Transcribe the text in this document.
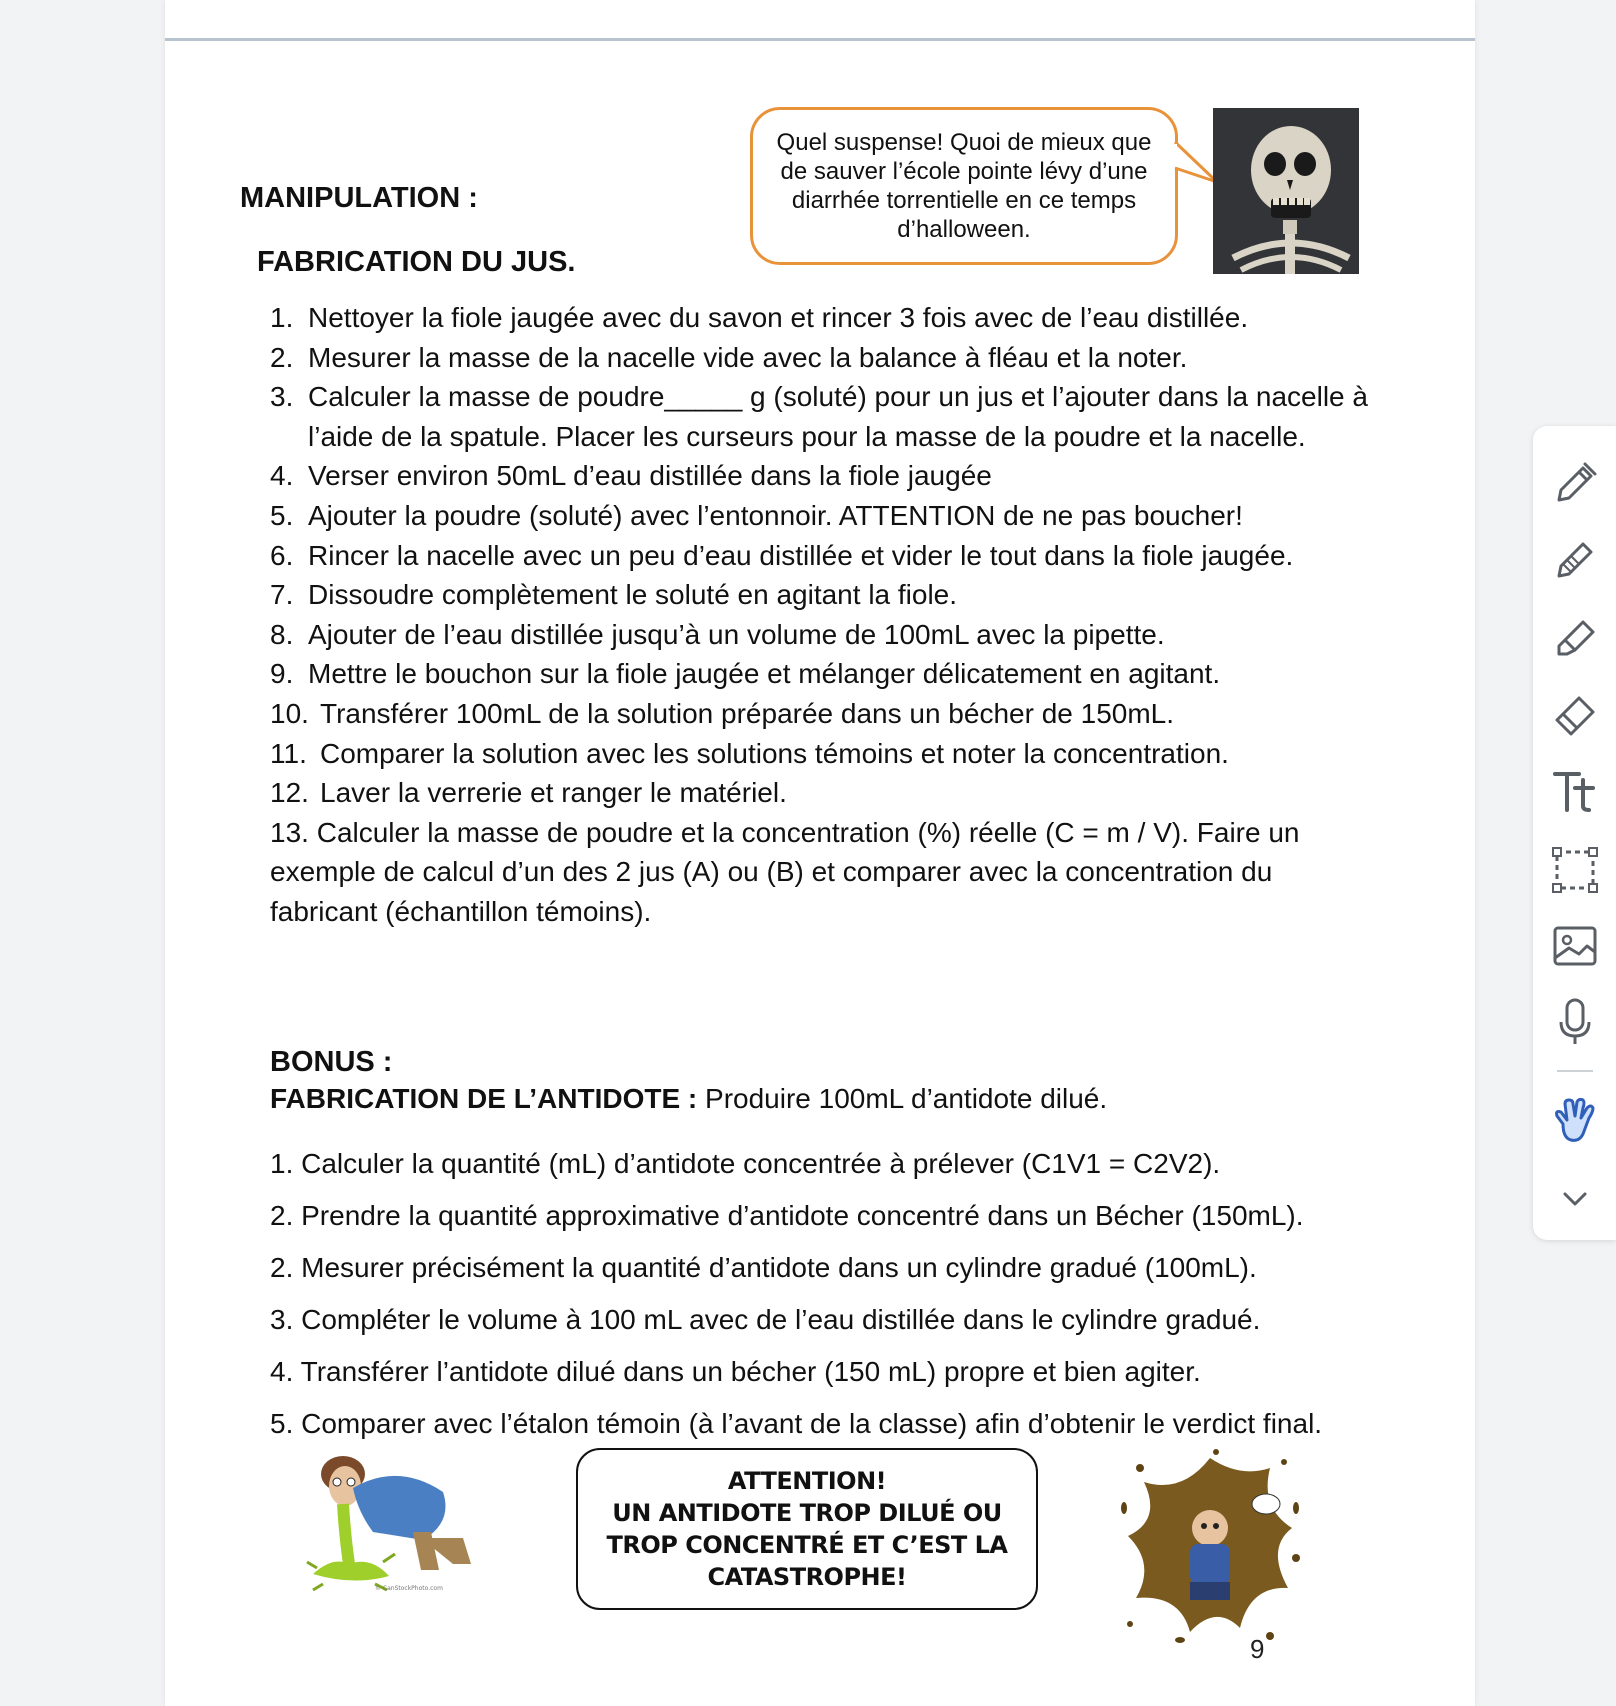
MANIPULATION :
Quel suspense! Quoi de mieux que de sauver l’école pointe lévy d’une diarrhée torrentielle en ce temps d’halloween.
FABRICATION DU JUS.
1. Nettoyer la fiole jaugée avec du savon et rincer 3 fois avec de l’eau distillée.
2. Mesurer la masse de la nacelle vide avec la balance à fléau et la noter.
3. Calculer la masse de poudre_____ g (soluté) pour un jus et l’ajouter dans la nacelle à l’aide de la spatule. Placer les curseurs pour la masse de la poudre et la nacelle.
4. Verser environ 50mL d’eau distillée dans la fiole jaugée
5. Ajouter la poudre (soluté) avec l’entonnoir. ATTENTION de ne pas boucher!
6. Rincer la nacelle avec un peu d’eau distillée et vider le tout dans la fiole jaugée.
7. Dissoudre complètement le soluté en agitant la fiole.
8. Ajouter de l’eau distillée jusqu’à un volume de 100mL avec la pipette.
9. Mettre le bouchon sur la fiole jaugée et mélanger délicatement en agitant.
10. Transférer 100mL de la solution préparée dans un bécher de 150mL.
11. Comparer la solution avec les solutions témoins et noter la concentration.
12. Laver la verrerie et ranger le matériel.
13. Calculer la masse de poudre et la concentration (%) réelle (C = m / V). Faire un exemple de calcul d’un des 2 jus (A) ou (B) et comparer avec la concentration du fabricant (échantillon témoins).
BONUS :
FABRICATION DE L’ANTIDOTE : Produire 100mL d’antidote dilué.
1. Calculer la quantité (mL) d’antidote concentrée à prélever (C1V1 = C2V2).
2. Prendre la quantité approximative d’antidote concentré dans un Bécher (150mL).
2. Mesurer précisément la quantité d’antidote dans un cylindre gradué (100mL).
3. Compléter le volume à 100 mL avec de l’eau distillée dans le cylindre gradué.
4. Transférer l’antidote dilué dans un bécher (150 mL) propre et bien agiter.
5. Comparer avec l’étalon témoin (à l’avant de la classe) afin d’obtenir le verdict final.
© CanStockPhoto.com
ATTENTION!
UN ANTIDOTE TROP DILUÉ OU
TROP CONCENTRÉ ET C’EST LA
CATASTROPHE!
9
